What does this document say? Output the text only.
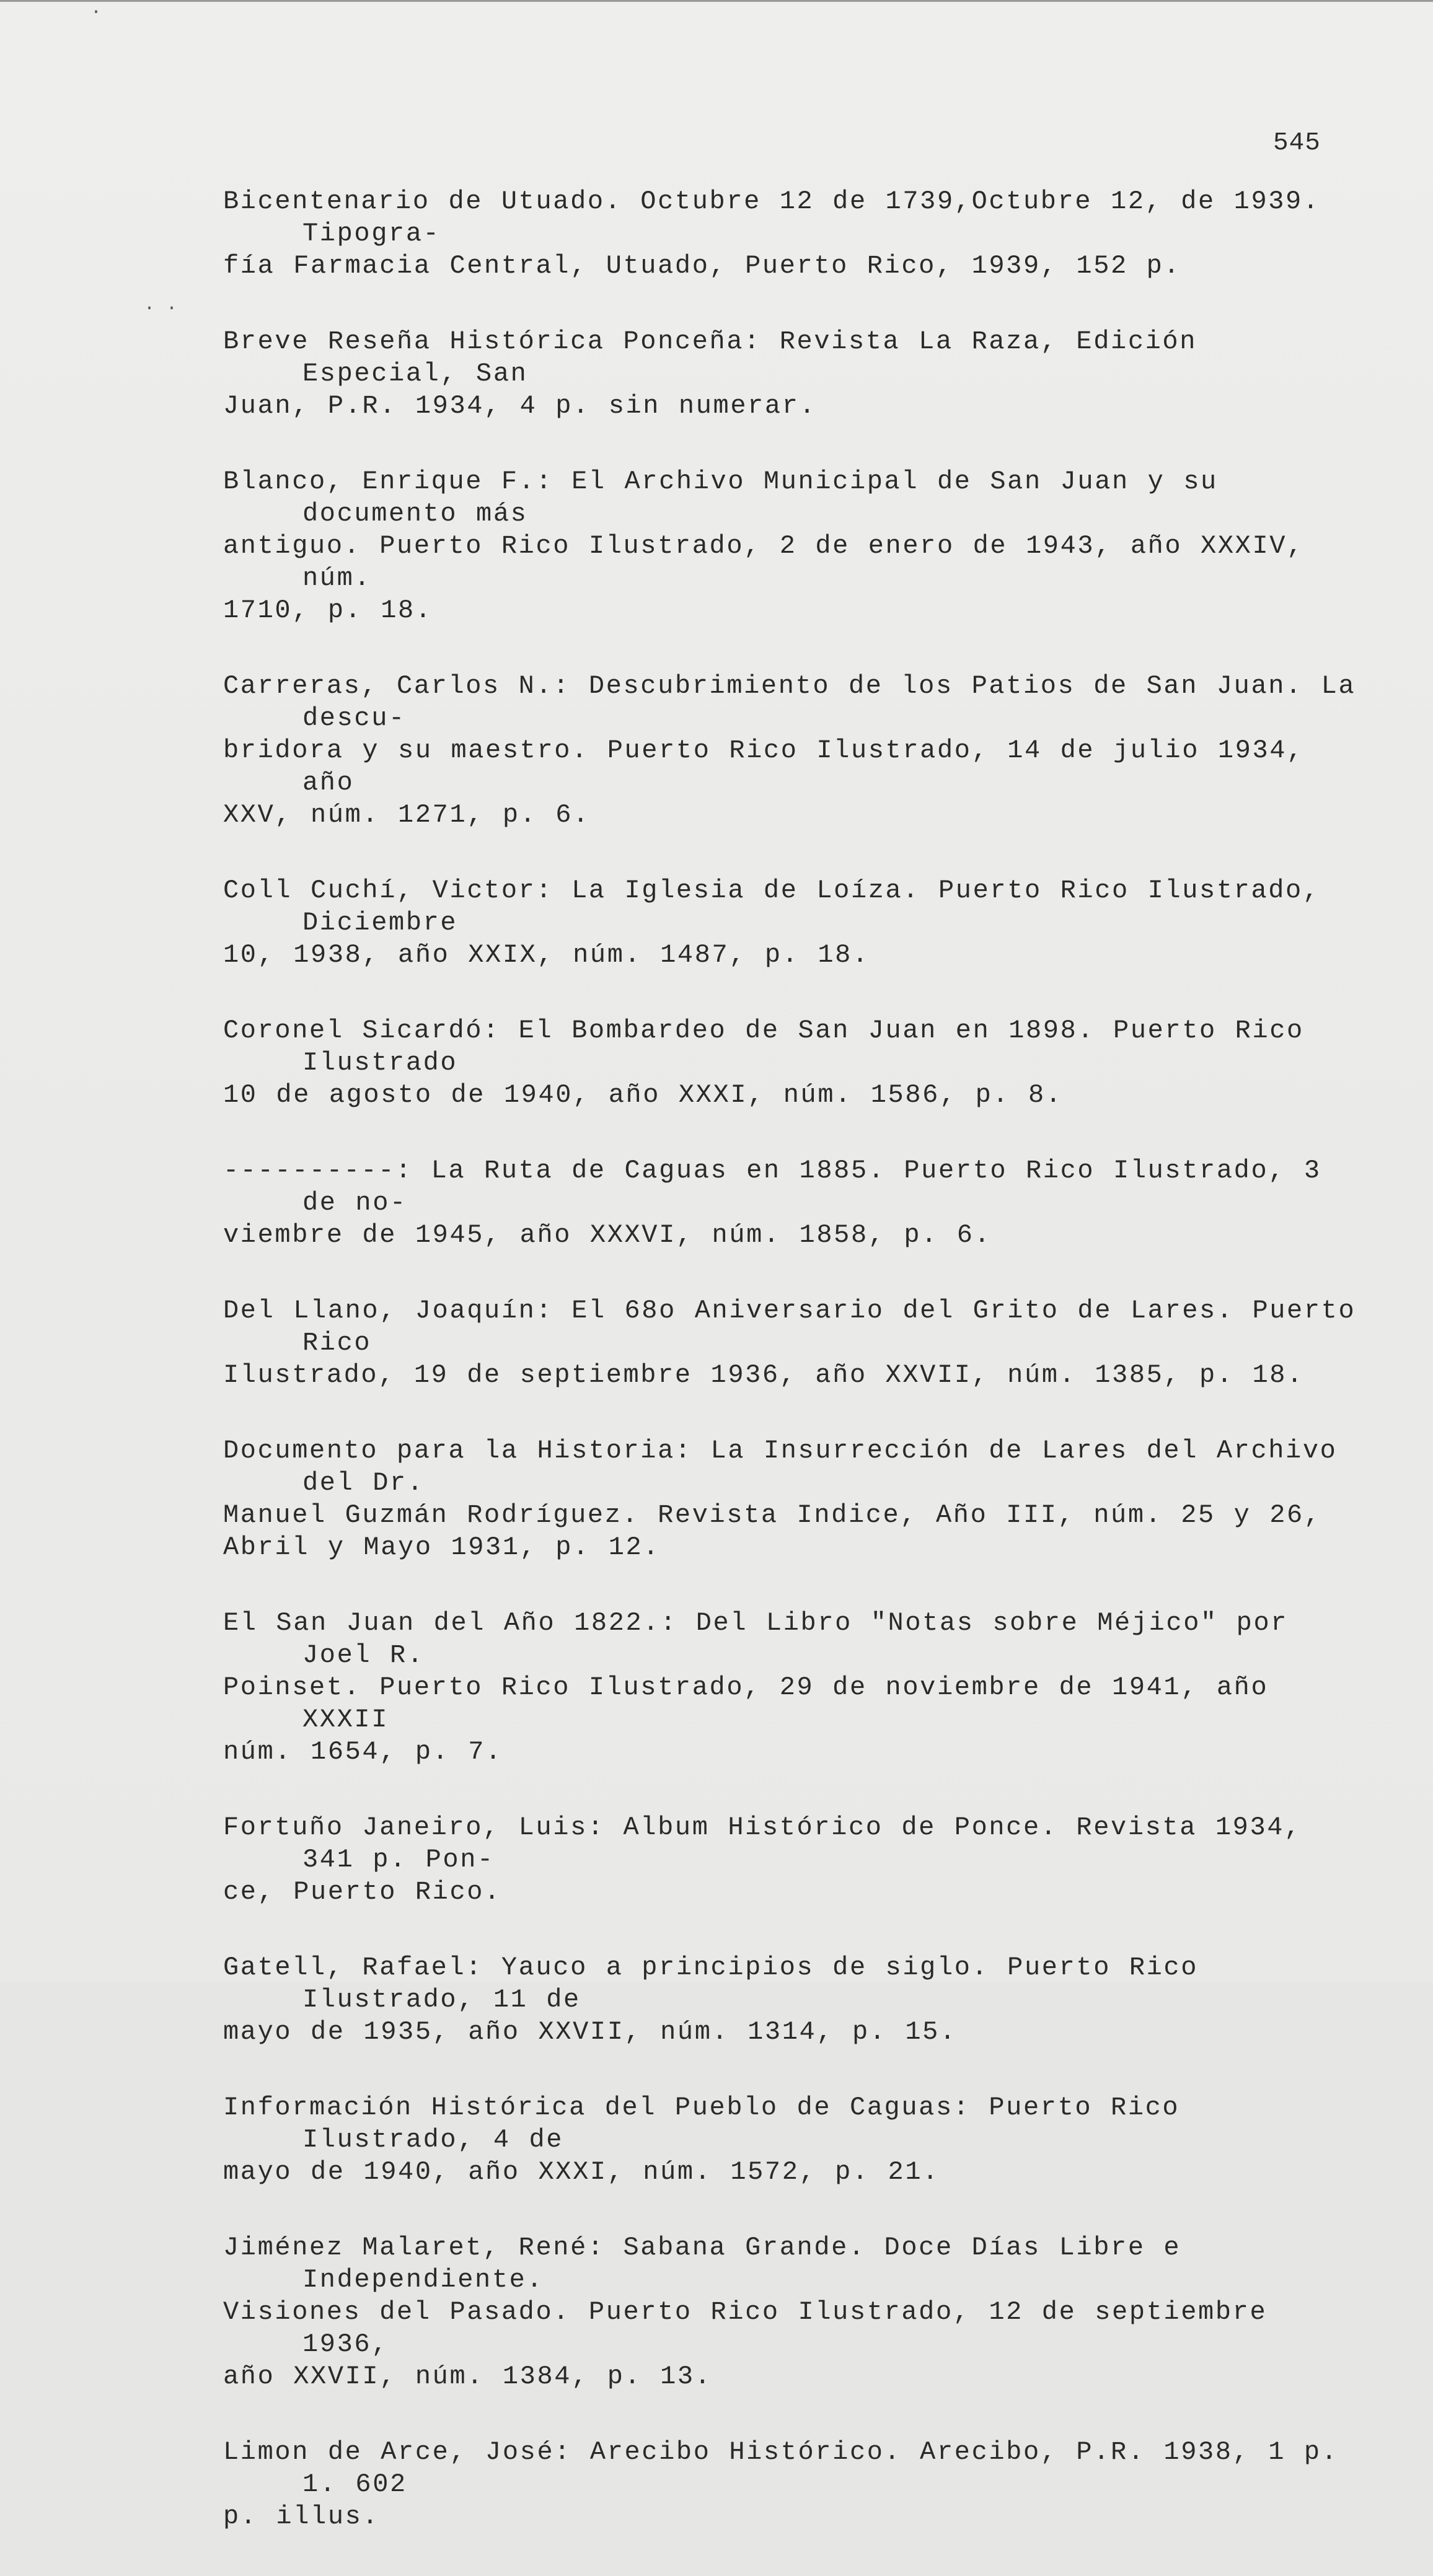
545
·
. .
Bicentenario de Utuado. Octubre 12 de 1739,Octubre 12, de 1939. Tipogra-
fía Farmacia Central, Utuado, Puerto Rico, 1939, 152 p.
Breve Reseña Histórica Ponceña: Revista La Raza, Edición Especial, San
Juan, P.R. 1934, 4 p. sin numerar.
Blanco, Enrique F.: El Archivo Municipal de San Juan y su documento más
antiguo. Puerto Rico Ilustrado, 2 de enero de 1943, año XXXIV, núm.
1710, p. 18.
Carreras, Carlos N.: Descubrimiento de los Patios de San Juan. La descu-
bridora y su maestro. Puerto Rico Ilustrado, 14 de julio 1934, año
XXV, núm. 1271, p. 6.
Coll Cuchí, Victor: La Iglesia de Loíza. Puerto Rico Ilustrado, Diciembre
10, 1938, año XXIX, núm. 1487, p. 18.
Coronel Sicardó: El Bombardeo de San Juan en 1898. Puerto Rico Ilustrado
10 de agosto de 1940, año XXXI, núm. 1586, p. 8.
----------: La Ruta de Caguas en 1885. Puerto Rico Ilustrado, 3 de no-
viembre de 1945, año XXXVI, núm. 1858, p. 6.
Del Llano, Joaquín: El 68o Aniversario del Grito de Lares. Puerto Rico
Ilustrado, 19 de septiembre 1936, año XXVII, núm. 1385, p. 18.
Documento para la Historia: La Insurrección de Lares del Archivo del Dr.
Manuel Guzmán Rodríguez. Revista Indice, Año III, núm. 25 y 26,
Abril y Mayo 1931, p. 12.
El San Juan del Año 1822.: Del Libro "Notas sobre Méjico" por Joel R.
Poinset. Puerto Rico Ilustrado, 29 de noviembre de 1941, año XXXII
núm. 1654, p. 7.
Fortuño Janeiro, Luis: Album Histórico de Ponce. Revista 1934, 341 p. Pon-
ce, Puerto Rico.
Gatell, Rafael: Yauco a principios de siglo. Puerto Rico Ilustrado, 11 de
mayo de 1935, año XXVII, núm. 1314, p. 15.
Información Histórica del Pueblo de Caguas: Puerto Rico Ilustrado, 4 de
mayo de 1940, año XXXI, núm. 1572, p. 21.
Jiménez Malaret, René: Sabana Grande. Doce Días Libre e Independiente.
Visiones del Pasado. Puerto Rico Ilustrado, 12 de septiembre 1936,
año XXVII, núm. 1384, p. 13.
Limon de Arce, José: Arecibo Histórico. Arecibo, P.R. 1938, 1 p. 1. 602
p. illus.
